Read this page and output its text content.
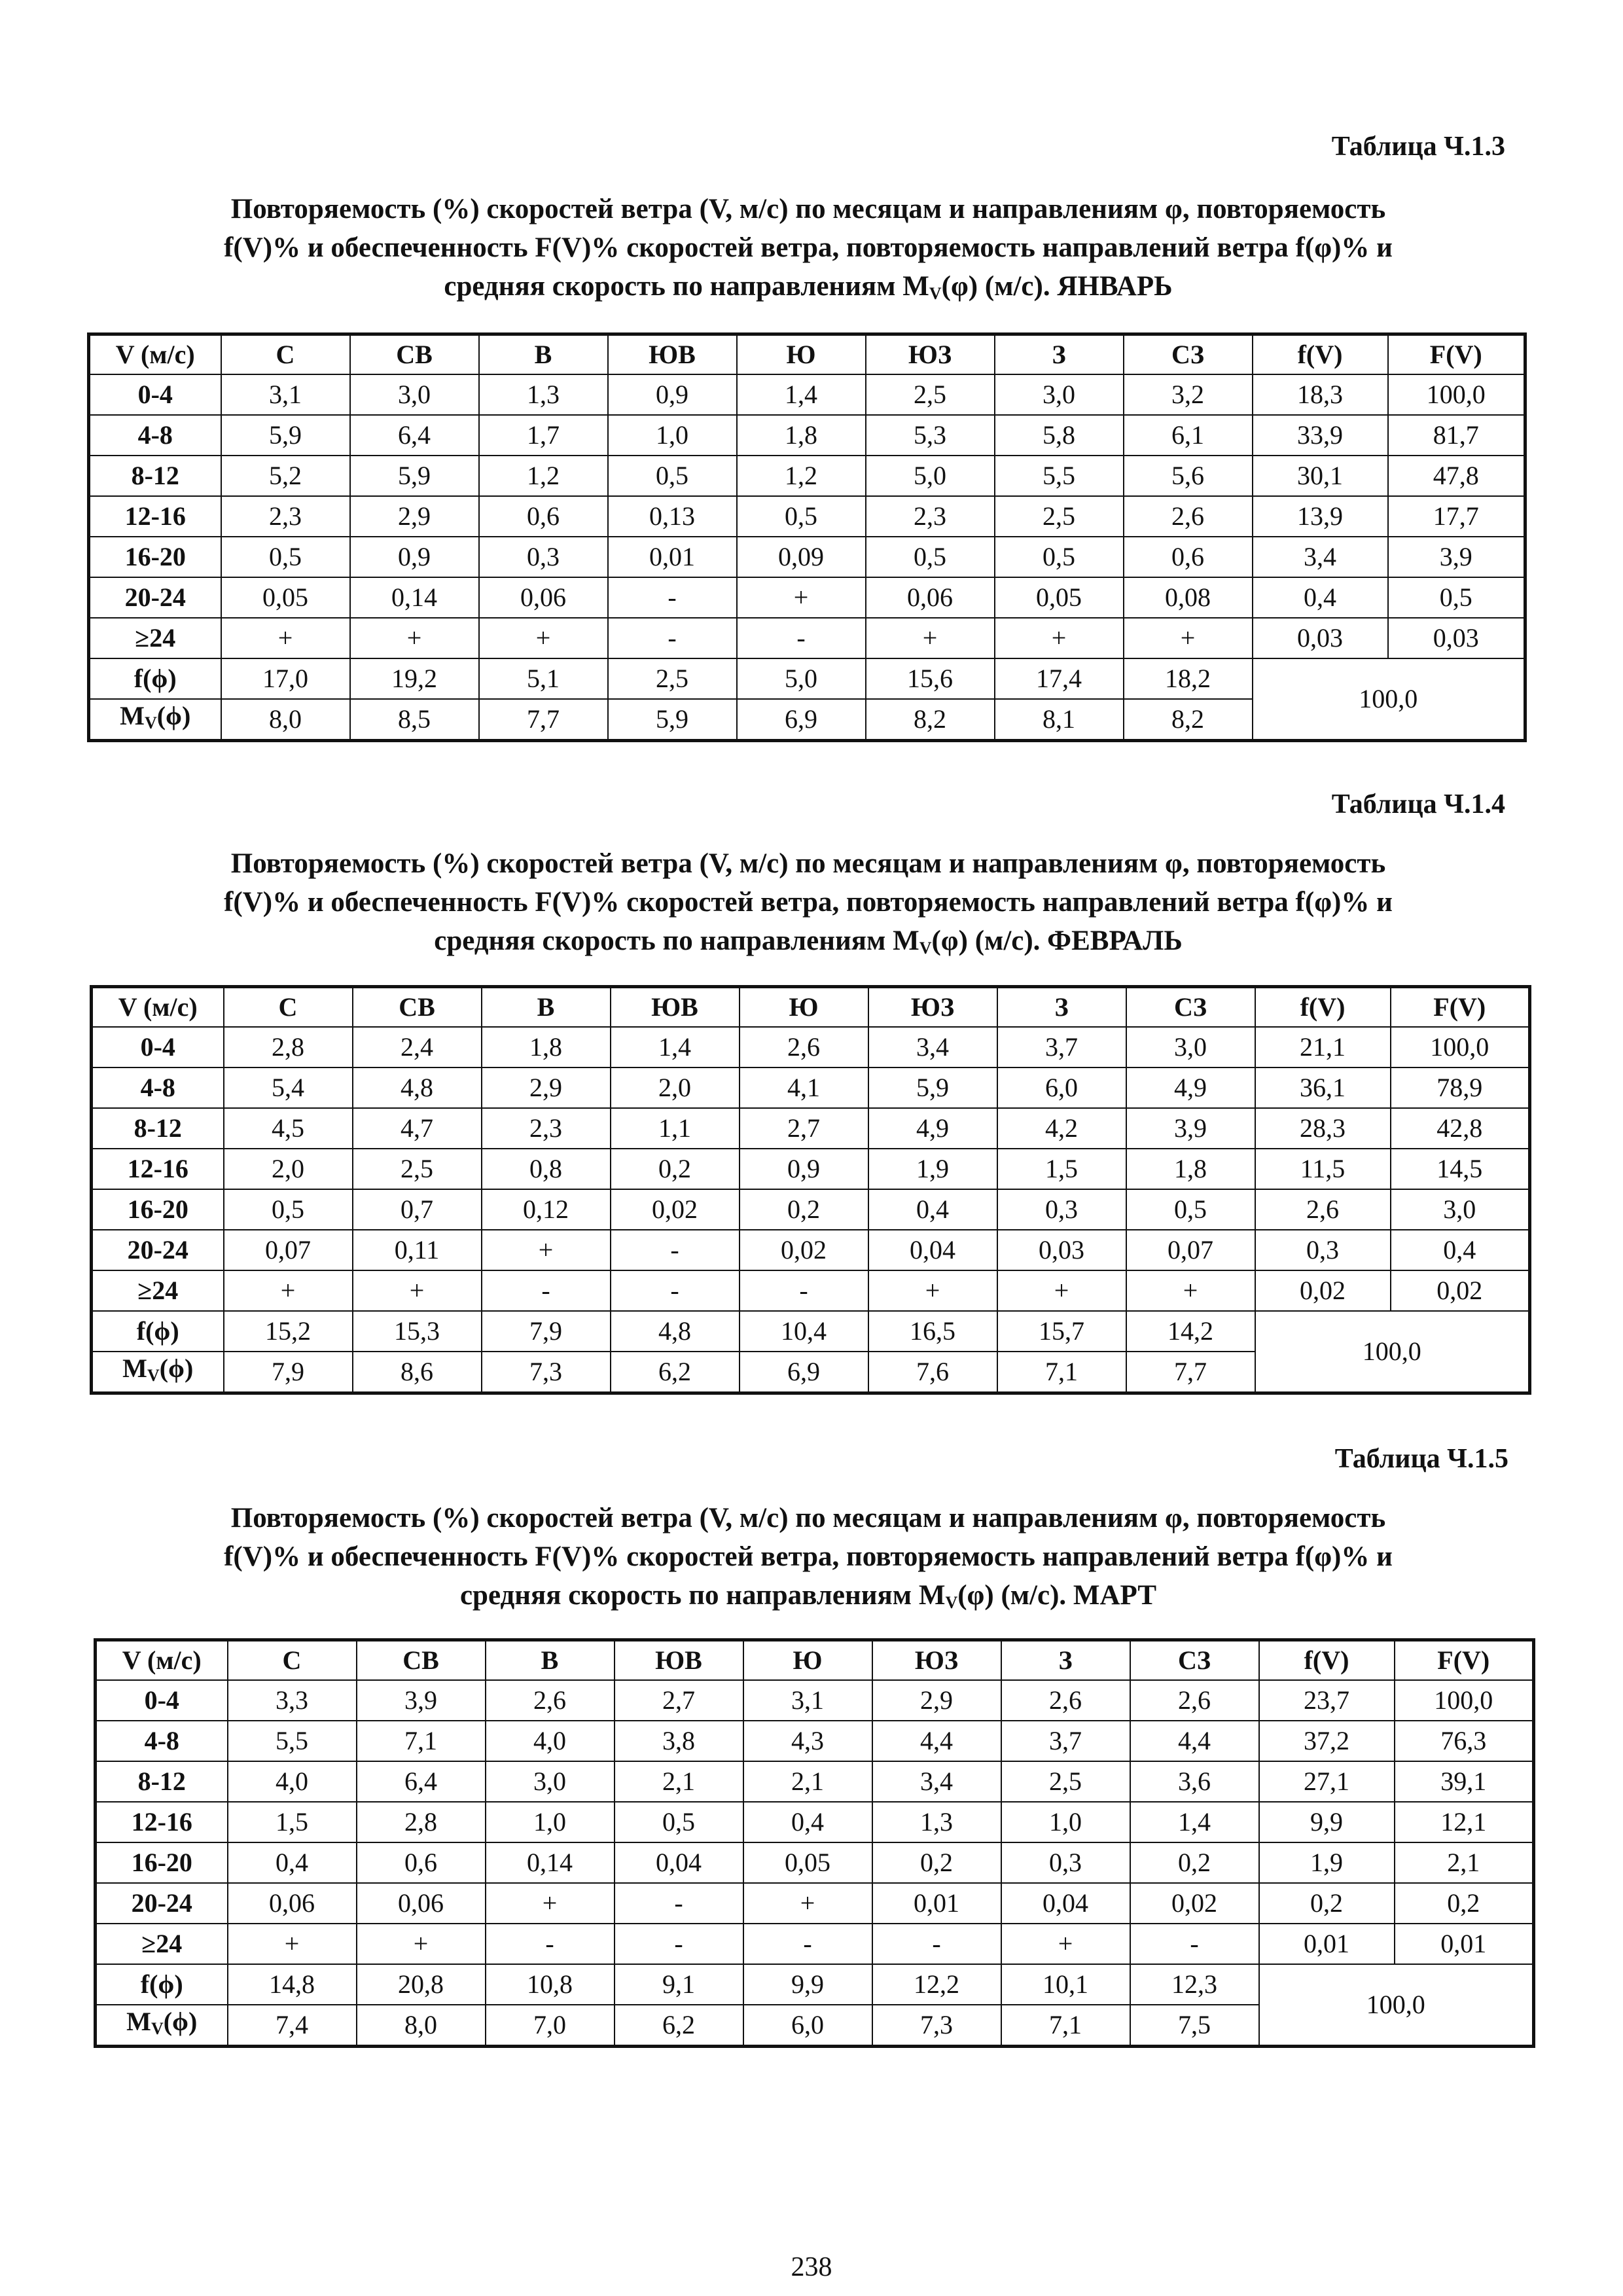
Таблица Ч.1.3
Повторяемость (%) скоростей ветра (V, м/с) по месяцам и направлениям φ, повторяемость
f(V)% и обеспеченность F(V)% скоростей ветра, повторяемость направлений ветра f(φ)% и
средняя скорость по направлениям $M_V(\varphi)$ (м/с). ЯНВАРЬ
V (м/с)	С	СВ	В	ЮВ	Ю	ЮЗ	З	СЗ	f(V)	F(V)
0-4	3,1	3,0	1,3	0,9	1,4	2,5	3,0	3,2	18,3	100,0
4-8	5,9	6,4	1,7	1,0	1,8	5,3	5,8	6,1	33,9	81,7
8-12	5,2	5,9	1,2	0,5	1,2	5,0	5,5	5,6	30,1	47,8
12-16	2,3	2,9	0,6	0,13	0,5	2,3	2,5	2,6	13,9	17,7
16-20	0,5	0,9	0,3	0,01	0,09	0,5	0,5	0,6	3,4	3,9
20-24	0,05	0,14	0,06	-	+	0,06	0,05	0,08	0,4	0,5
≥24	+	+	+	-	-	+	+	+	0,03	0,03
f(ϕ)	17,0	19,2	5,1	2,5	5,0	15,6	17,4	18,2	100,0	
$M_V(\phi)$	8,0	8,5	7,7	5,9	6,9	8,2	8,1	8,2		
Таблица Ч.1.4
Повторяемость (%) скоростей ветра (V, м/с) по месяцам и направлениям φ, повторяемость
f(V)% и обеспеченность F(V)% скоростей ветра, повторяемость направлений ветра f(φ)% и
средняя скорость по направлениям $M_V(\varphi)$ (м/с). ФЕВРАЛЬ
V (м/с)	С	СВ	В	ЮВ	Ю	ЮЗ	З	СЗ	f(V)	F(V)
0-4	2,8	2,4	1,8	1,4	2,6	3,4	3,7	3,0	21,1	100,0
4-8	5,4	4,8	2,9	2,0	4,1	5,9	6,0	4,9	36,1	78,9
8-12	4,5	4,7	2,3	1,1	2,7	4,9	4,2	3,9	28,3	42,8
12-16	2,0	2,5	0,8	0,2	0,9	1,9	1,5	1,8	11,5	14,5
16-20	0,5	0,7	0,12	0,02	0,2	0,4	0,3	0,5	2,6	3,0
20-24	0,07	0,11	+	-	0,02	0,04	0,03	0,07	0,3	0,4
≥24	+	+	-	-	-	+	+	+	0,02	0,02
f(ϕ)	15,2	15,3	7,9	4,8	10,4	16,5	15,7	14,2	100,0	
$M_V(\phi)$	7,9	8,6	7,3	6,2	6,9	7,6	7,1	7,7		
Таблица Ч.1.5
Повторяемость (%) скоростей ветра (V, м/с) по месяцам и направлениям φ, повторяемость
f(V)% и обеспеченность F(V)% скоростей ветра, повторяемость направлений ветра f(φ)% и
средняя скорость по направлениям $M_V(\varphi)$ (м/с). МАРТ
V (м/с)	С	СВ	В	ЮВ	Ю	ЮЗ	З	СЗ	f(V)	F(V)
0-4	3,3	3,9	2,6	2,7	3,1	2,9	2,6	2,6	23,7	100,0
4-8	5,5	7,1	4,0	3,8	4,3	4,4	3,7	4,4	37,2	76,3
8-12	4,0	6,4	3,0	2,1	2,1	3,4	2,5	3,6	27,1	39,1
12-16	1,5	2,8	1,0	0,5	0,4	1,3	1,0	1,4	9,9	12,1
16-20	0,4	0,6	0,14	0,04	0,05	0,2	0,3	0,2	1,9	2,1
20-24	0,06	0,06	+	-	+	0,01	0,04	0,02	0,2	0,2
≥24	+	+	-	-	-	-	+	-	0,01	0,01
f(ϕ)	14,8	20,8	10,8	9,1	9,9	12,2	10,1	12,3	100,0	
$M_V(\phi)$	7,4	8,0	7,0	6,2	6,0	7,3	7,1	7,5		
238
